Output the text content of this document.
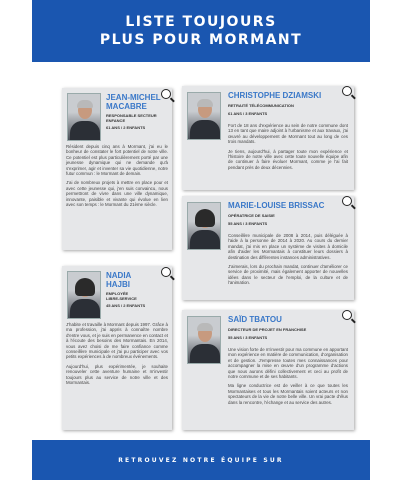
LISTE TOUJOURS
PLUS POUR MORMANT
JEAN-MICHEL
MACABRE
RESPONSABLE SECTEUR
ENFANCE
61 ANS / 2 ENFANTS

Résident depuis cinq ans à Mormant, j'ai eu le bonheur de constater le fort potentiel de notre ville. Ce potentiel est plus particulièrement porté par une jeunesse dynamique qui ne demande qu'à s'exprimer, agir et inventer sa vie quotidienne, notre futur commun : le Mormant de demain.

J'ai de nombreux projets à mettre en place pour et avec cette jeunesse qui, j'en suis convaincu, nous permettront de vivre dans une ville dynamique, innovante, paisible et vivante qui évolue en lien avec son temps : le Mormant du 21ème siècle.

CHRISTOPHE DZIAMSKI
RETRAITÉ TÉLÉCOMMUNICATION
61 ANS / 3 ENFANTS

Fort de 18 ans d'expérience au sein de notre commune dont 13 en tant que maire adjoint à l'urbanisme et aux travaux, j'ai œuvré au développement de Mormant tout au long de ces trois mandats.

Je tiens, aujourd'hui, à partager toute mon expérience et l'histoire de notre ville avec cette toute nouvelle équipe afin de continuer à faire évoluer Mormant, comme je l'ai fait pendant près de deux décennies.

MARIE-LOUISE BRISSAC
OPÉRATRICE DE SAISIE
55 ANS / 3 ENFANTS

Conseillère municipale de 2008 à 2014, puis déléguée à l'aide à la personne de 2014 à 2020. Au cours du dernier mandat, j'ai mis en place un système de visites à domicile afin d'aider les Mormantais à constituer leurs dossiers à destination des différentes instances administratives.

J'aimerais, lors du prochain mandat, continuer d'améliorer ce service de proximité, mais également apporter de nouvelles idées dans le secteur de l'emploi, de la culture et de l'animation.

NADIA
HAJBI
EMPLOYÉE
LIBRE-SERVICE
45 ANS / 2 ENFANTS

J'habite et travaille à Mormant depuis 1997. Grâce à ma profession, j'ai appris à connaître nombre d'entre vous, et je suis en permanence en contact et à l'écoute des besoins des Mormantais. En 2014, vous avez choisi de me faire confiance comme conseillère municipale et j'ai pu participer avec vos petits expériences à de nombreux événements.

Aujourd'hui, plus expérimentée, je souhaite renouveler cette aventure humaine et m'investir toujours plus au service de notre ville et des Mormantais.

SAÏD TBATOU
DIRECTEUR DE PROJET EN FRANCHISE
55 ANS / 3 ENFANTS

Une vision forte de m'investir pour ma commune en apportant mon expérience en matière de communication, d'organisation et de gestion. J'empresse toutes mes connaissances pour accompagner la mise en œuvre d'un programme d'actions que nous aurons défini collectivement et ceci au profit de notre commune et de ses habitants.

Ma ligne conductrice est de veiller à ce que toutes les Mormantaises et tous les Mormantais soient acteurs et non spectateurs de la vie de notre belle ville. Un vrai pacte d'élus dans la rencontre, l'échange et au service des autres.

RETROUVEZ NOTRE ÉQUIPE SUR
